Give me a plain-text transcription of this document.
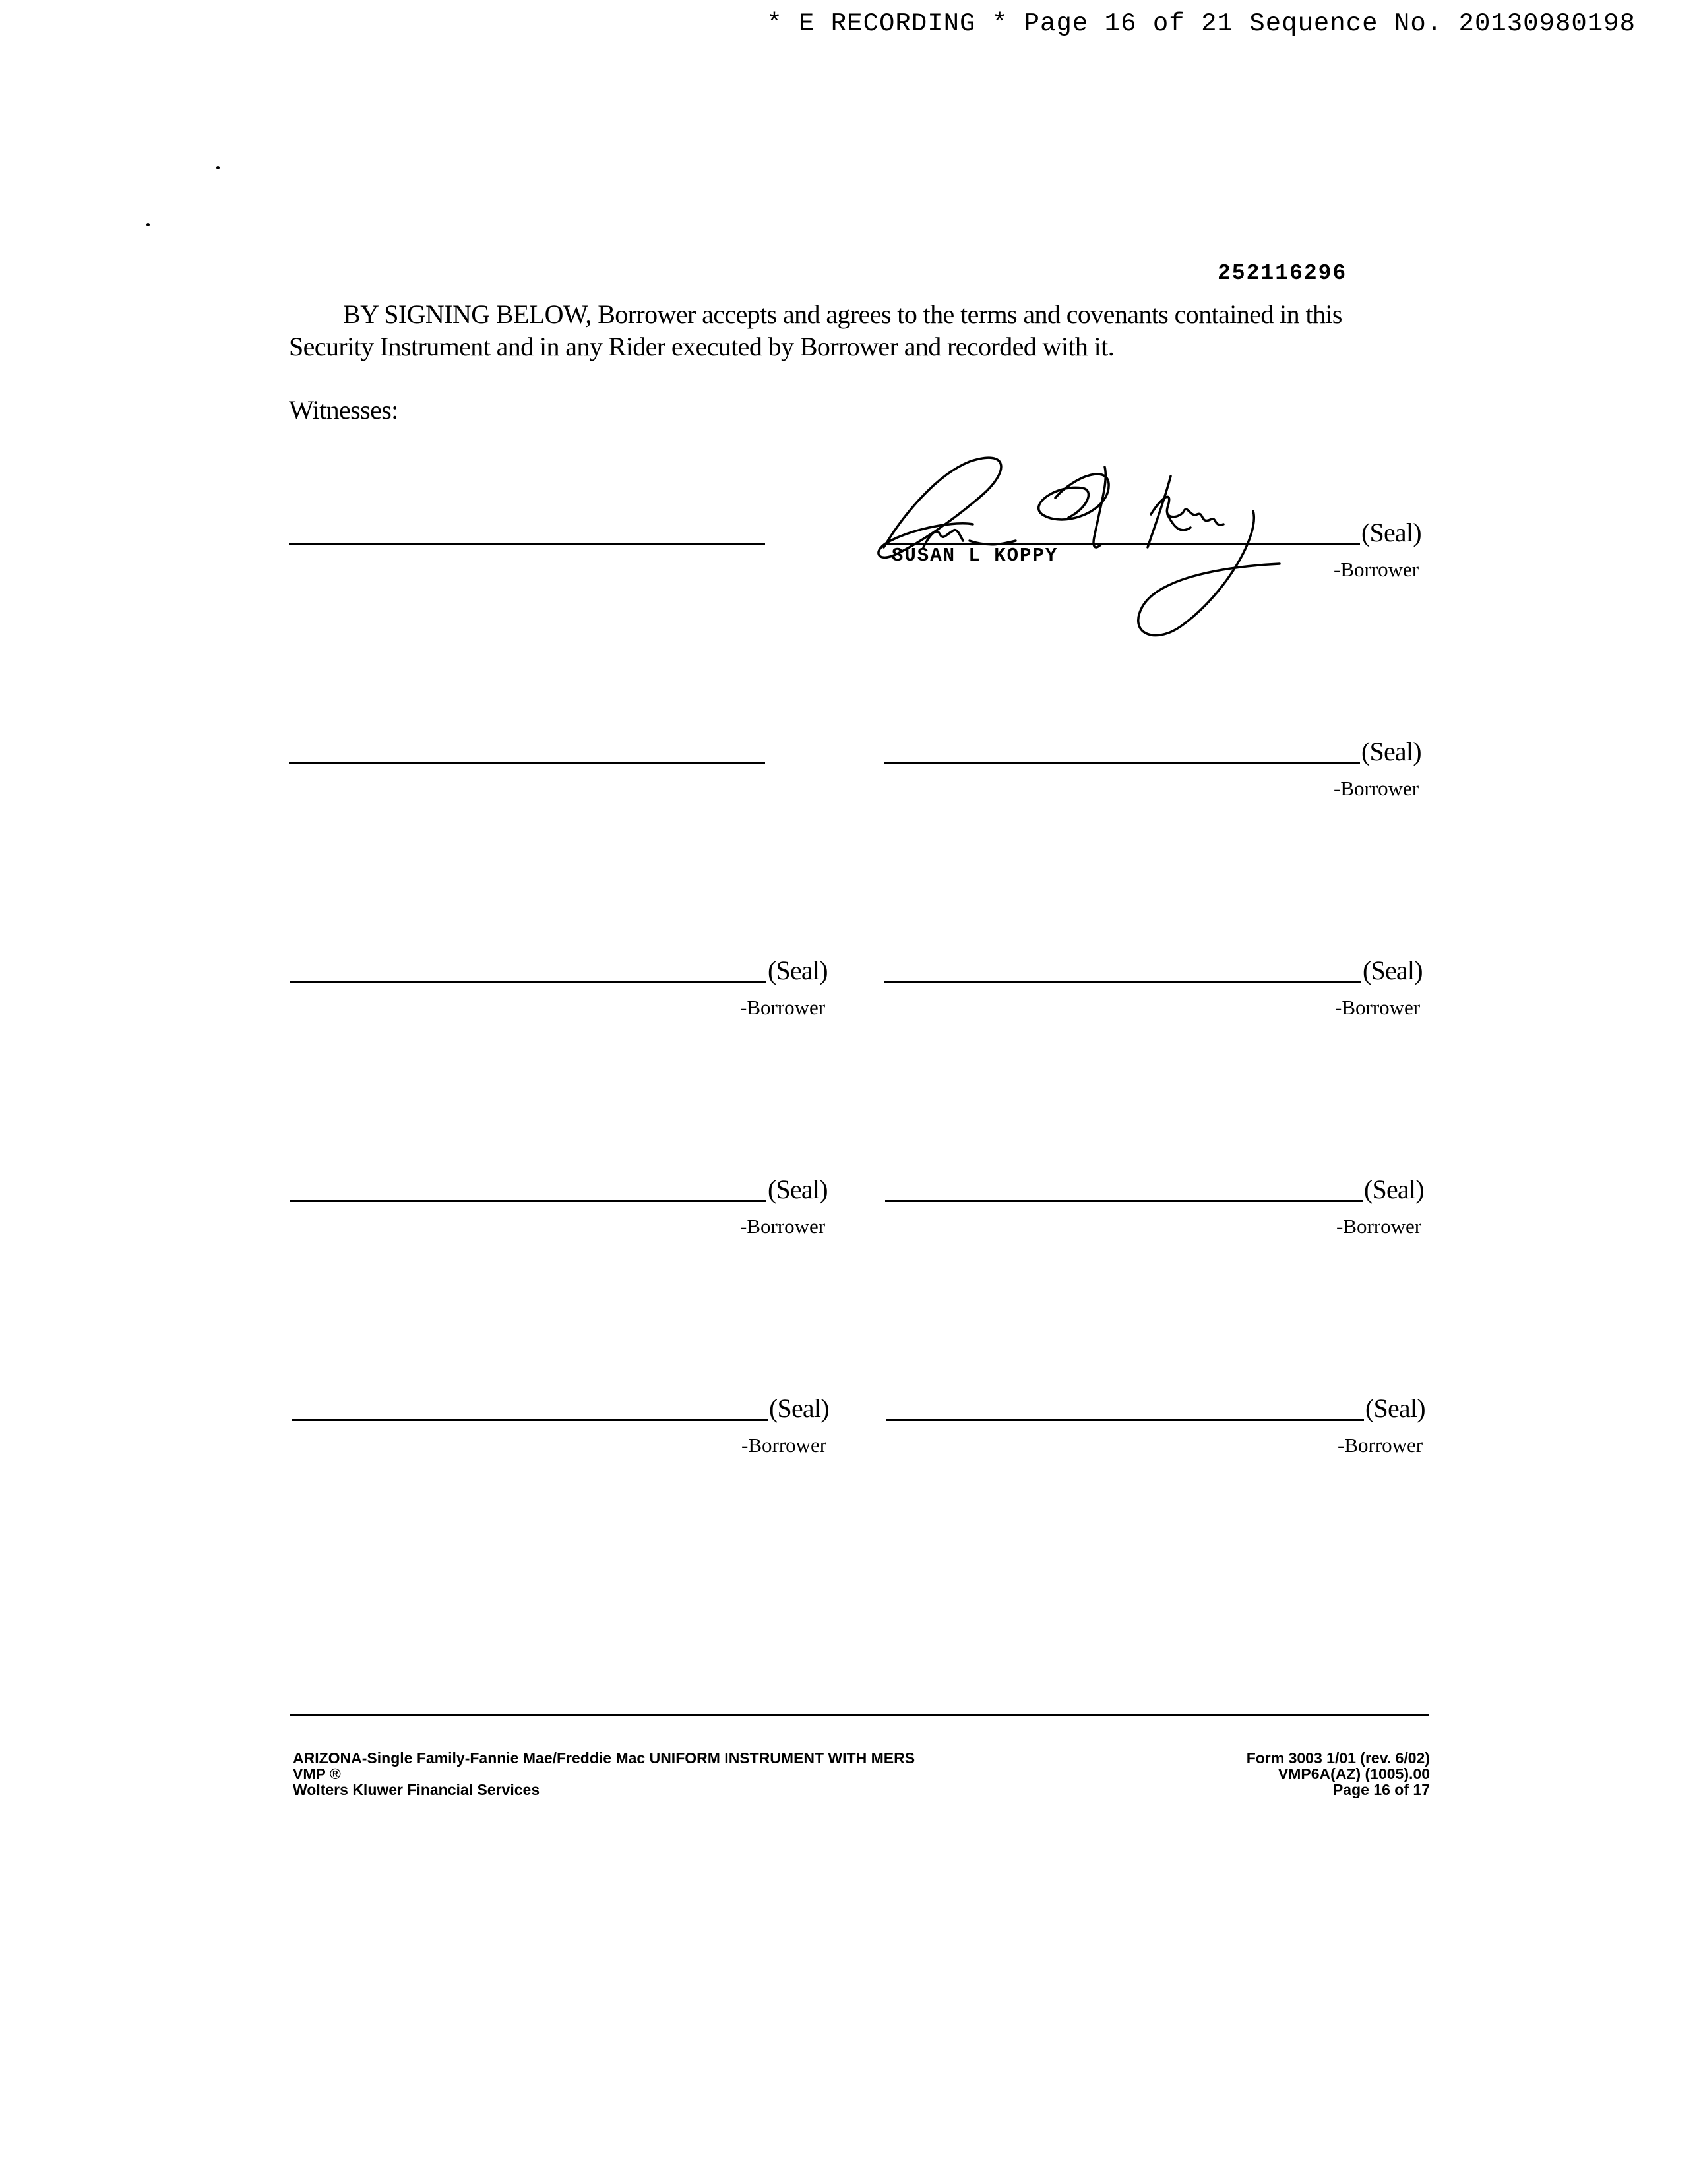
* E RECORDING * Page 16 of 21 Sequence No. 20130980198
252116296
BY SIGNING BELOW, Borrower accepts and agrees to the terms and covenants contained in this
Security Instrument and in any Rider executed by Borrower and recorded with it.
Witnesses:
(Seal)
-Borrower
SUSAN L KOPPY
(Seal)
-Borrower
(Seal)
-Borrower
(Seal)
-Borrower
(Seal)
-Borrower
(Seal)
-Borrower
(Seal)
-Borrower
(Seal)
-Borrower
ARIZONA-Single Family-Fannie Mae/Freddie Mac UNIFORM INSTRUMENT WITH MERS
VMP ®
Wolters Kluwer Financial Services
Form 3003 1/01 (rev. 6/02)
VMP6A(AZ) (1005).00
Page 16 of 17
